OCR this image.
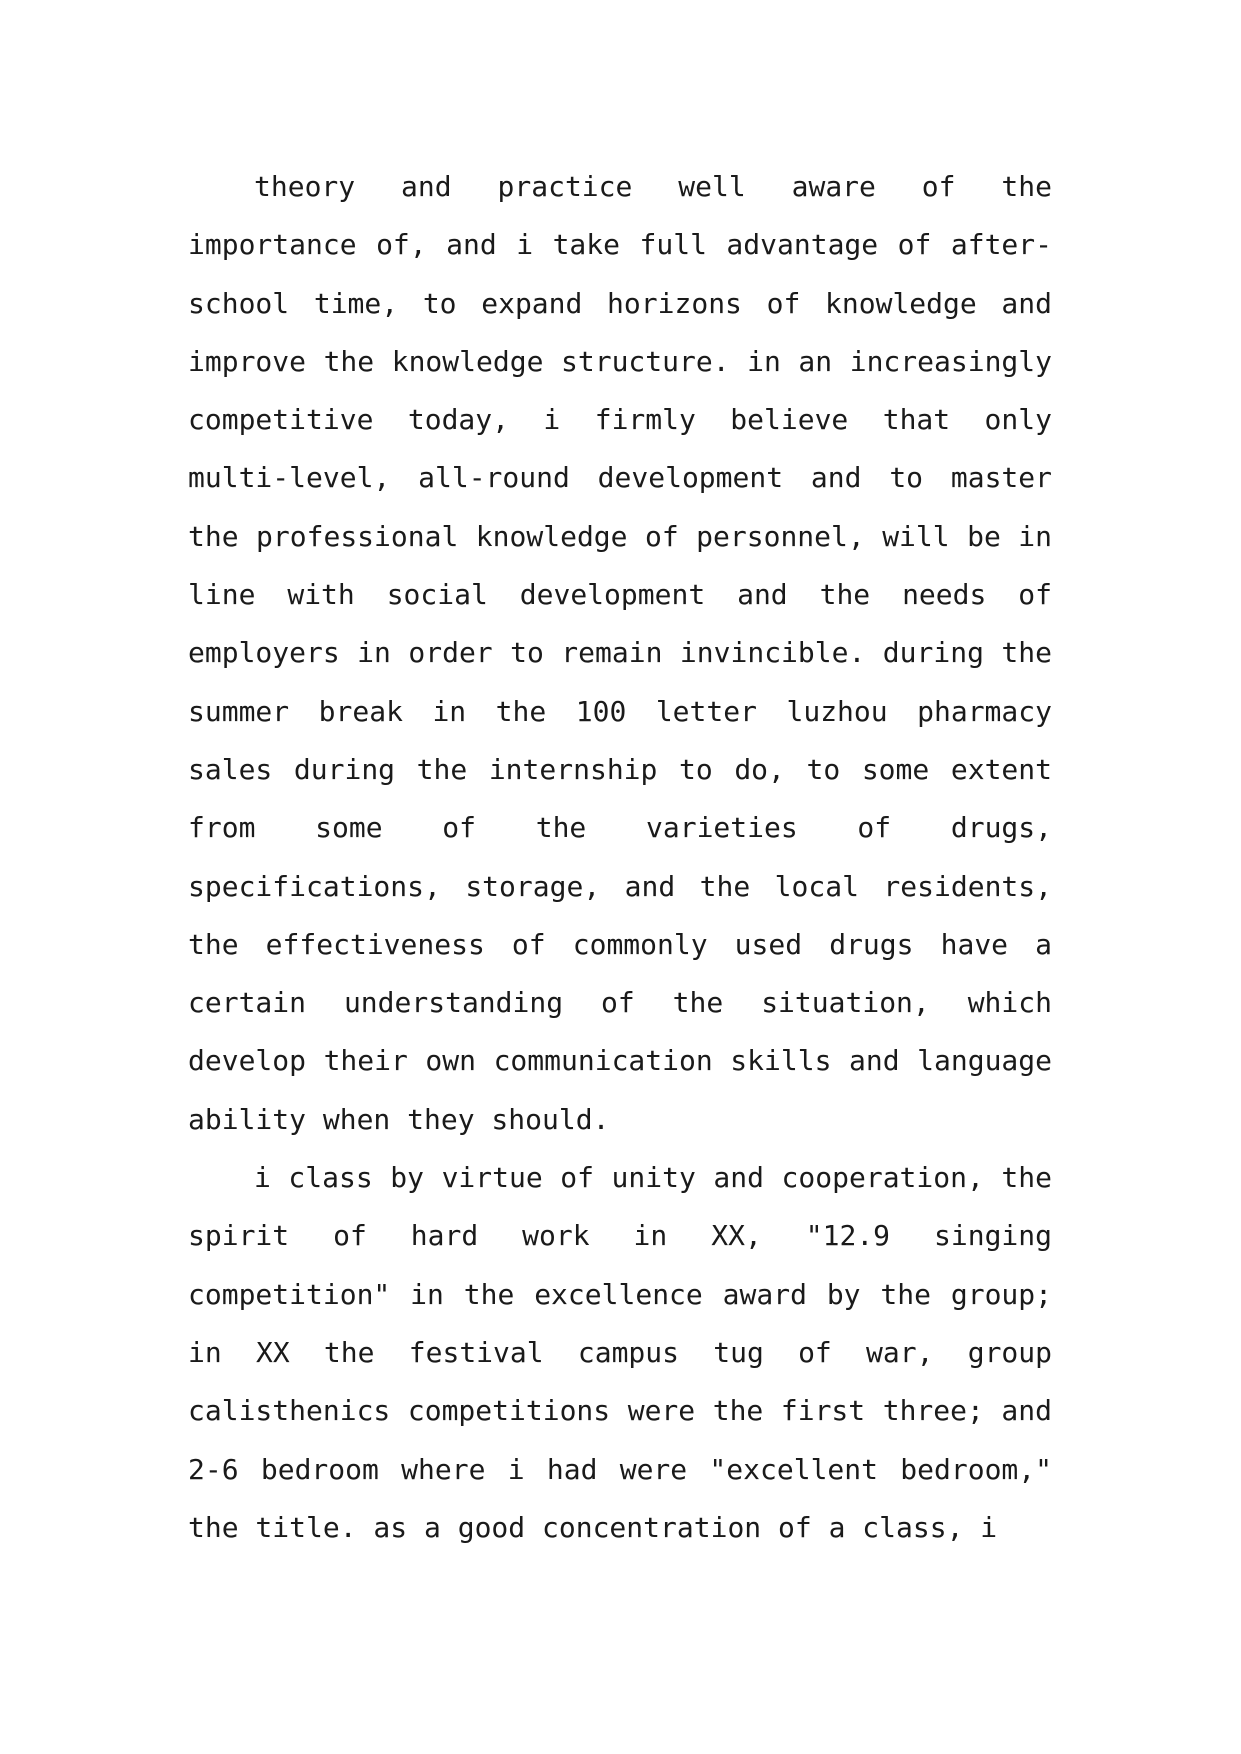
theory and practice well aware of the importance of, and i take full advantage of after-school time, to expand horizons of knowledge and improve the knowledge structure. in an increasingly competitive today, i firmly believe that only multi-level, all-round development and to master the professional knowledge of personnel, will be in line with social development and the needs of employers in order to remain invincible. during the summer break in the 100 letter luzhou pharmacy sales during the internship to do, to some extent from some of the varieties of drugs, specifications, storage, and the local residents, the effectiveness of commonly used drugs have a certain understanding of the situation, which develop their own communication skills and language ability when they should.

i class by virtue of unity and cooperation, the spirit of hard work in XX, "12.9 singing competition" in the excellence award by the group; in XX the festival campus tug of war, group calisthenics competitions were the first three; and 2-6 bedroom where i had were "excellent bedroom," the title. as a good concentration of a class, i
